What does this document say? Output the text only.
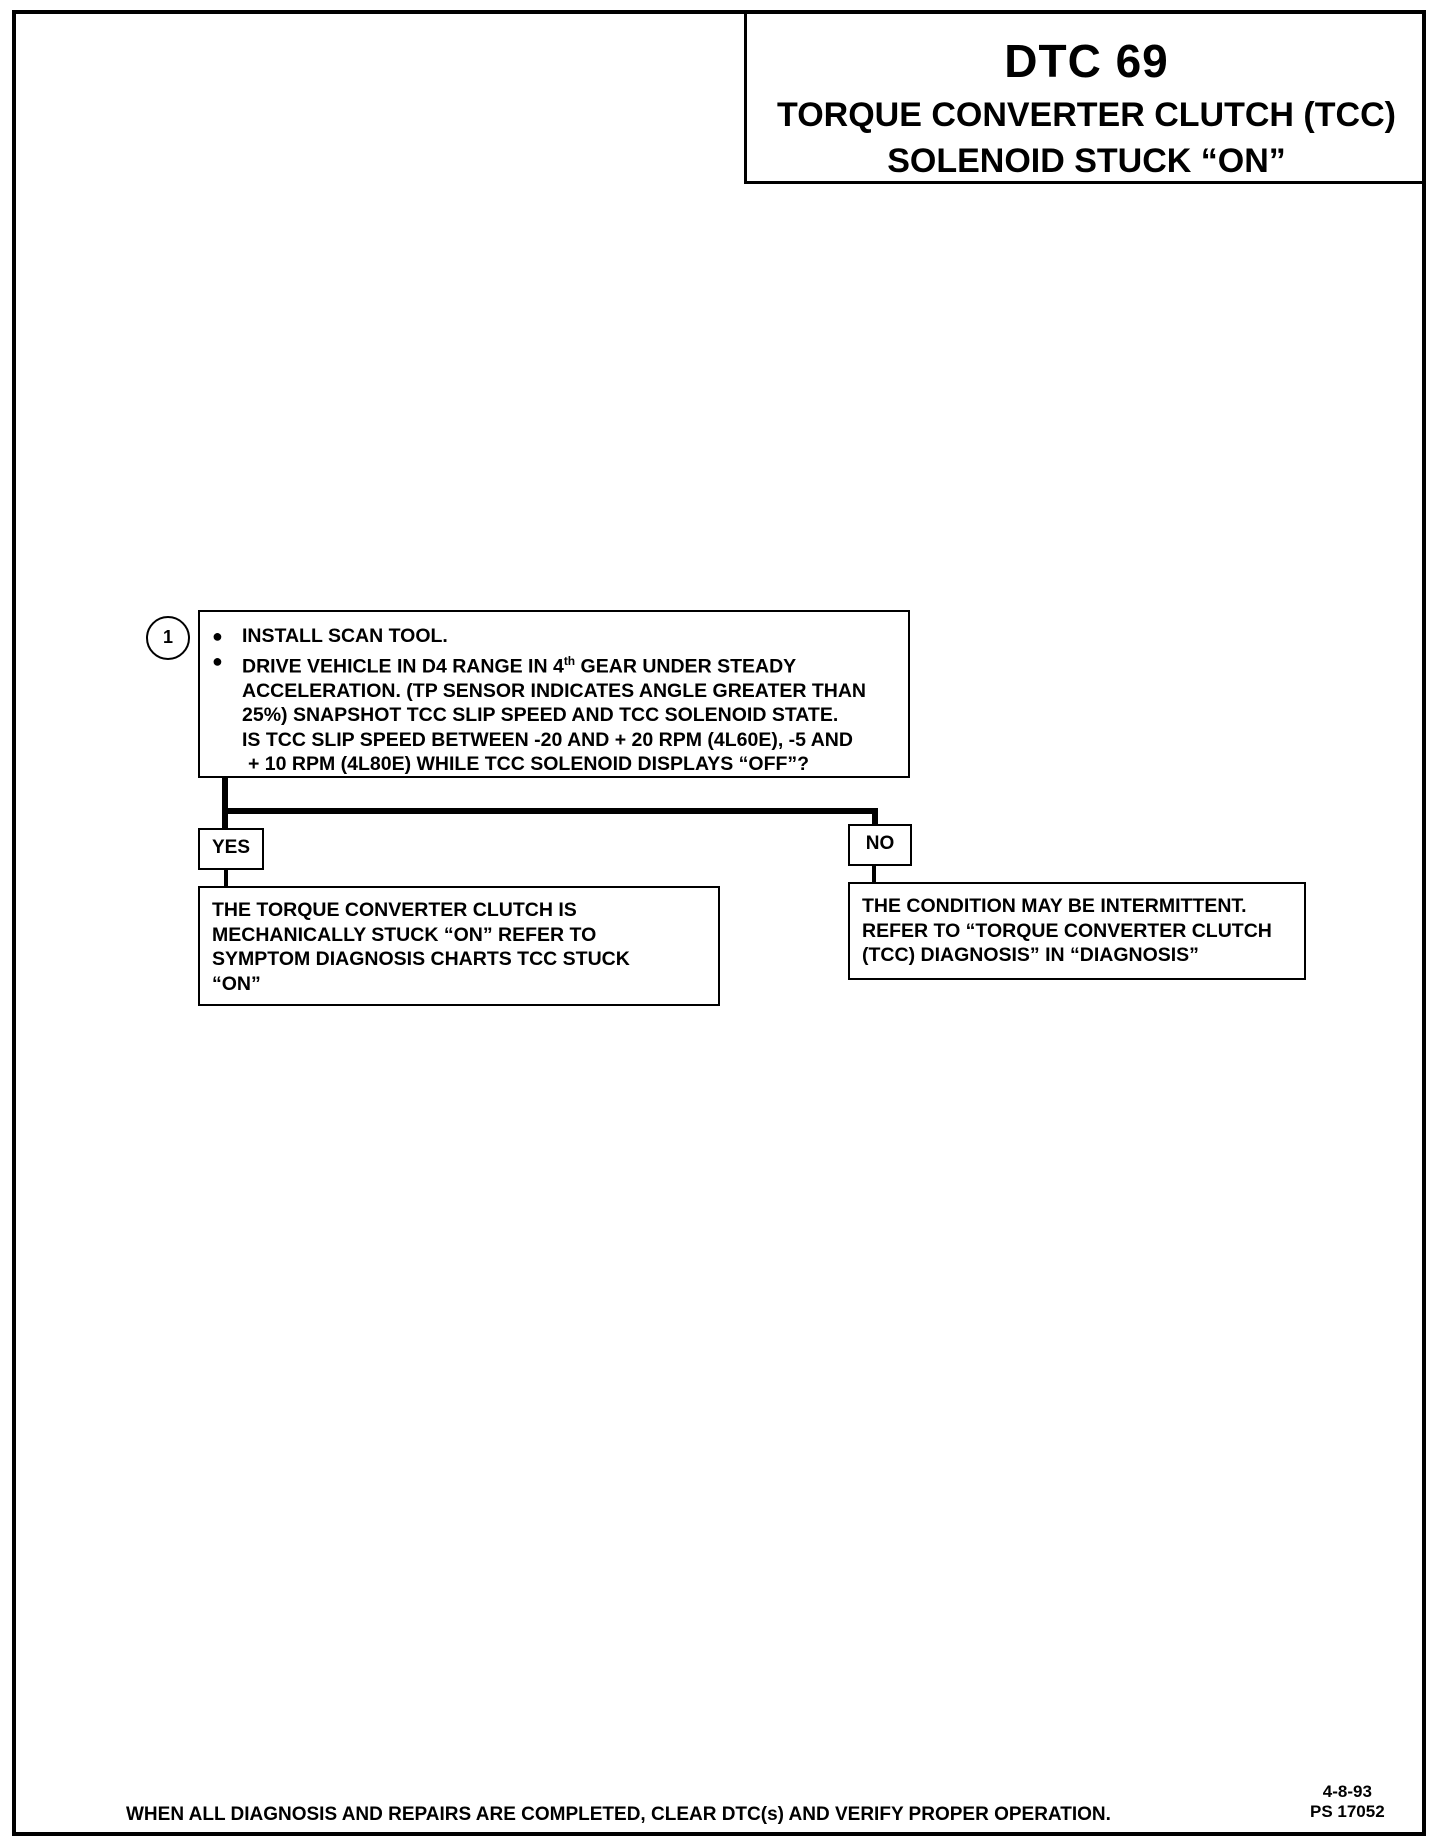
DTC 69
TORQUE CONVERTER CLUTCH (TCC)
SOLENOID STUCK “ON”
1	● INSTALL SCAN TOOL.
● DRIVE VEHICLE IN D4 RANGE IN 4th GEAR UNDER STEADY
ACCELERATION. (TP SENSOR INDICATES ANGLE GREATER THAN
25%) SNAPSHOT TCC SLIP SPEED AND TCC SOLENOID STATE.
IS TCC SLIP SPEED BETWEEN -20 AND + 20 RPM (4L60E), -5 AND
+ 10 RPM (4L80E) WHILE TCC SOLENOID DISPLAYS “OFF”?
YES	NO
THE TORQUE CONVERTER CLUTCH IS
MECHANICALLY STUCK “ON” REFER TO
SYMPTOM DIAGNOSIS CHARTS TCC STUCK
“ON”
THE CONDITION MAY BE INTERMITTENT.
REFER TO “TORQUE CONVERTER CLUTCH
(TCC) DIAGNOSIS” IN “DIAGNOSIS”
WHEN ALL DIAGNOSIS AND REPAIRS ARE COMPLETED, CLEAR DTC(s) AND VERIFY PROPER OPERATION.
4-8-93
PS 17052
